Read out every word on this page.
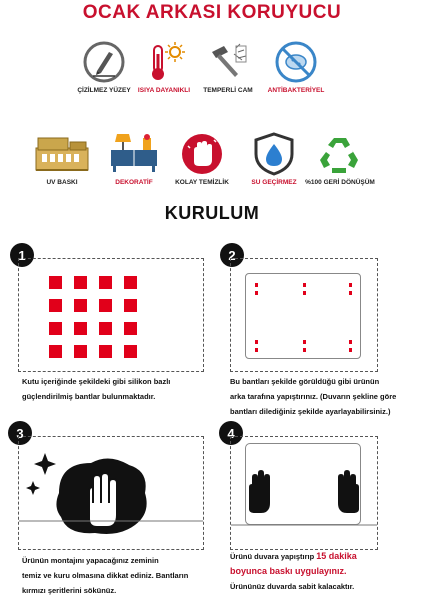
OCAK ARKASI KORUYUCU
ÇİZİLMEZ YÜZEY	ISIYA DAYANIKLI	TEMPERLİ CAM	ANTİBAKTERİYEL
UV BASKI	DEKORATİF	KOLAY TEMİZLİK	SU GEÇİRMEZ	%100 GERİ DÖNÜŞÜM
KURULUM
1
Kutu içeriğinde şekildeki gibi silikon bazlı
güçlendirilmiş bantlar bulunmaktadır.
2
Bu bantları şekilde görüldüğü gibi ürünün
arka tarafına yapıştırınız. (Duvarın şekline göre
bantları dilediğiniz şekilde ayarlayabilirsiniz.)
3
Ürünün montajını yapacağınız zeminin
temiz ve kuru olmasına dikkat ediniz. Bantların
kırmızı şeritlerini sökünüz.
4
Ürünü duvara yapıştırıp 15 dakika
boyunca baskı uygulayınız.
Ürününüz duvarda sabit kalacaktır.
